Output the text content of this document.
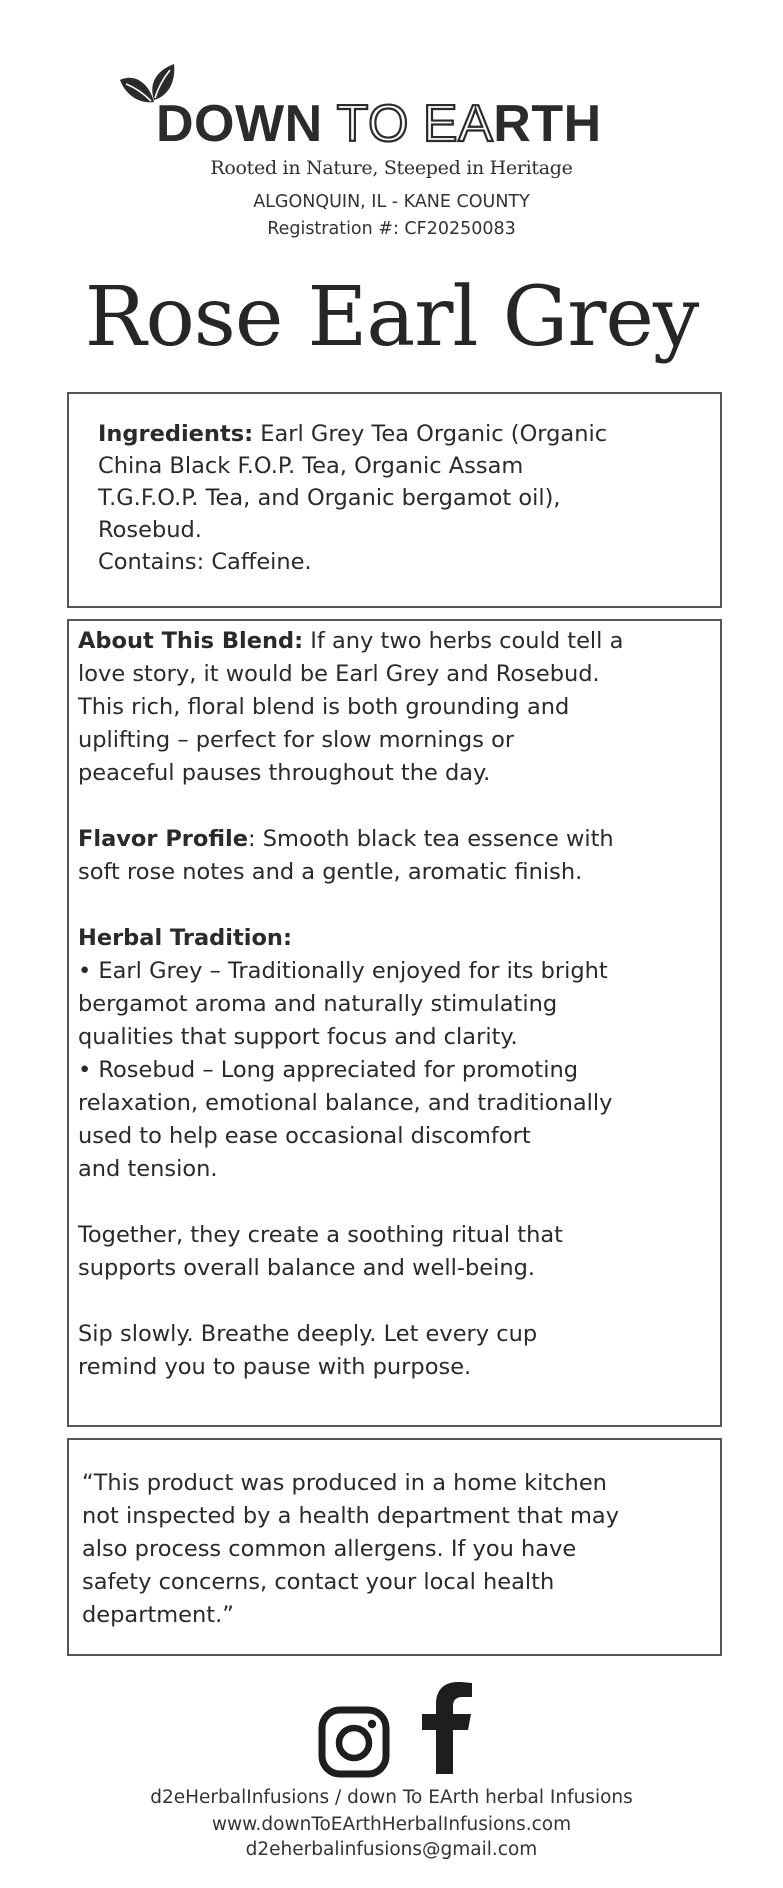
DOWN TO EARTH
Rooted in Nature, Steeped in Heritage
ALGONQUIN, IL - KANE COUNTY
Registration #: CF20250083
Rose Earl Grey
Ingredients: Earl Grey Tea Organic (Organic
China Black F.O.P. Tea, Organic Assam
T.G.F.O.P. Tea, and Organic bergamot oil),
Rosebud.
Contains: Caffeine.
About This Blend: If any two herbs could tell a
love story, it would be Earl Grey and Rosebud.
This rich, floral blend is both grounding and
uplifting – perfect for slow mornings or
peaceful pauses throughout the day.
Flavor Profile: Smooth black tea essence with
soft rose notes and a gentle, aromatic finish.
Herbal Tradition:
• Earl Grey – Traditionally enjoyed for its bright
bergamot aroma and naturally stimulating
qualities that support focus and clarity.
• Rosebud – Long appreciated for promoting
relaxation, emotional balance, and traditionally
used to help ease occasional discomfort
and tension.
Together, they create a soothing ritual that
supports overall balance and well-being.
Sip slowly. Breathe deeply. Let every cup
remind you to pause with purpose.
“This product was produced in a home kitchen
not inspected by a health department that may
also process common allergens. If you have
safety concerns, contact your local health
department.”
d2eHerbalInfusions / down To EArth herbal Infusions
www.downToEArthHerbalInfusions.com
d2eherbalinfusions@gmail.com
